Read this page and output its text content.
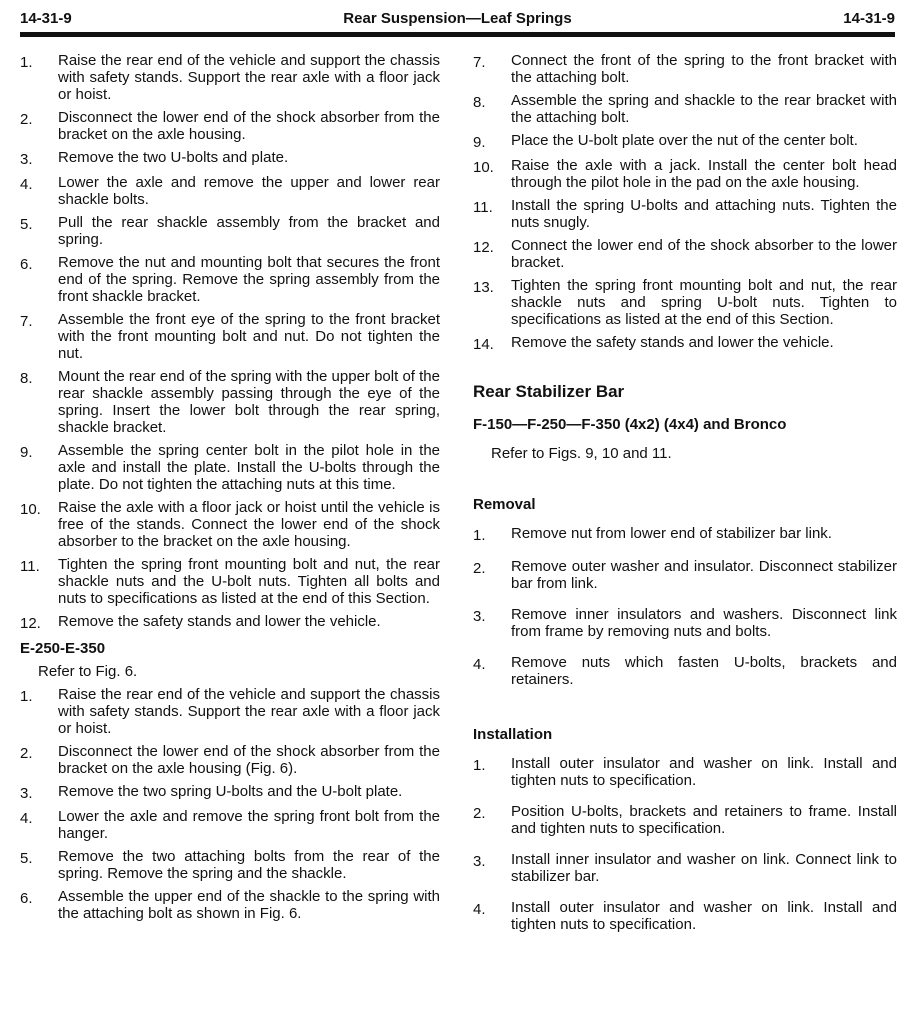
14-31-9	Rear Suspension—Leaf Springs	14-31-9
1.	Raise the rear end of the vehicle and support the chassis with safety stands. Support the rear axle with a floor jack or hoist.
2.	Disconnect the lower end of the shock absorber from the bracket on the axle housing.
3.	Remove the two U-bolts and plate.
4.	Lower the axle and remove the upper and lower rear shackle bolts.
5.	Pull the rear shackle assembly from the bracket and spring.
6.	Remove the nut and mounting bolt that secures the front end of the spring. Remove the spring assembly from the front shackle bracket.
7.	Assemble the front eye of the spring to the front bracket with the front mounting bolt and nut. Do not tighten the nut.
8.	Mount the rear end of the spring with the upper bolt of the rear shackle assembly passing through the eye of the spring. Insert the lower bolt through the rear spring, shackle bracket.
9.	Assemble the spring center bolt in the pilot hole in the axle and install the plate. Install the U-bolts through the plate. Do not tighten the attaching nuts at this time.
10.	Raise the axle with a floor jack or hoist until the vehicle is free of the stands. Connect the lower end of the shock absorber to the bracket on the axle housing.
11.	Tighten the spring front mounting bolt and nut, the rear shackle nuts and the U-bolt nuts. Tighten all bolts and nuts to specifications as listed at the end of this Section.
12.	Remove the safety stands and lower the vehicle.
E-250-E-350
Refer to Fig. 6.
1.	Raise the rear end of the vehicle and support the chassis with safety stands. Support the rear axle with a floor jack or hoist.
2.	Disconnect the lower end of the shock absorber from the bracket on the axle housing (Fig. 6).
3.	Remove the two spring U-bolts and the U-bolt plate.
4.	Lower the axle and remove the spring front bolt from the hanger.
5.	Remove the two attaching bolts from the rear of the spring. Remove the spring and the shackle.
6.	Assemble the upper end of the shackle to the spring with the attaching bolt as shown in Fig. 6.
7.	Connect the front of the spring to the front bracket with the attaching bolt.
8.	Assemble the spring and shackle to the rear bracket with the attaching bolt.
9.	Place the U-bolt plate over the nut of the center bolt.
10.	Raise the axle with a jack. Install the center bolt head through the pilot hole in the pad on the axle housing.
11.	Install the spring U-bolts and attaching nuts. Tighten the nuts snugly.
12.	Connect the lower end of the shock absorber to the lower bracket.
13.	Tighten the spring front mounting bolt and nut, the rear shackle nuts and spring U-bolt nuts. Tighten to specifications as listed at the end of this Section.
14.	Remove the safety stands and lower the vehicle.
Rear Stabilizer Bar
F-150—F-250—F-350 (4x2) (4x4) and Bronco
Refer to Figs. 9, 10 and 11.
Removal
1.	Remove nut from lower end of stabilizer bar link.
2.	Remove outer washer and insulator. Disconnect stabilizer bar from link.
3.	Remove inner insulators and washers. Disconnect link from frame by removing nuts and bolts.
4.	Remove nuts which fasten U-bolts, brackets and retainers.
Installation
1.	Install outer insulator and washer on link. Install and tighten nuts to specification.
2.	Position U-bolts, brackets and retainers to frame. Install and tighten nuts to specification.
3.	Install inner insulator and washer on link. Connect link to stabilizer bar.
4.	Install outer insulator and washer on link. Install and tighten nuts to specification.
